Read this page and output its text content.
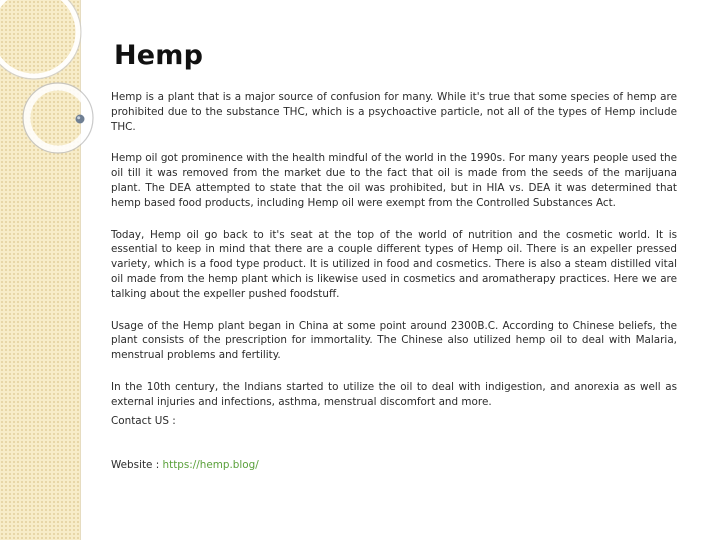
Hemp

Hemp is a plant that is a major source of confusion for many. While it's true that some species of hemp are prohibited due to the substance THC, which is a psychoactive particle, not all of the types of Hemp include THC.

Hemp oil got prominence with the health mindful of the world in the 1990s. For many years people used the oil till it was removed from the market due to the fact that oil is made from the seeds of the marijuana plant. The DEA attempted to state that the oil was prohibited, but in HIA vs. DEA it was determined that hemp based food products, including Hemp oil were exempt from the Controlled Substances Act.

Today, Hemp oil go back to it's seat at the top of the world of nutrition and the cosmetic world. It is essential to keep in mind that there are a couple different types of Hemp oil. There is an expeller pressed variety, which is a food type product. It is utilized in food and cosmetics. There is also a steam distilled vital oil made from the hemp plant which is likewise used in cosmetics and aromatherapy practices. Here we are talking about the expeller pushed foodstuff.

Usage of the Hemp plant began in China at some point around 2300B.C. According to Chinese beliefs, the plant consists of the prescription for immortality. The Chinese also utilized hemp oil to deal with Malaria, menstrual problems and fertility.

In the 10th century, the Indians started to utilize the oil to deal with indigestion, and anorexia as well as external injuries and infections, asthma, menstrual discomfort and more.

Contact US :

Website : https://hemp.blog/
